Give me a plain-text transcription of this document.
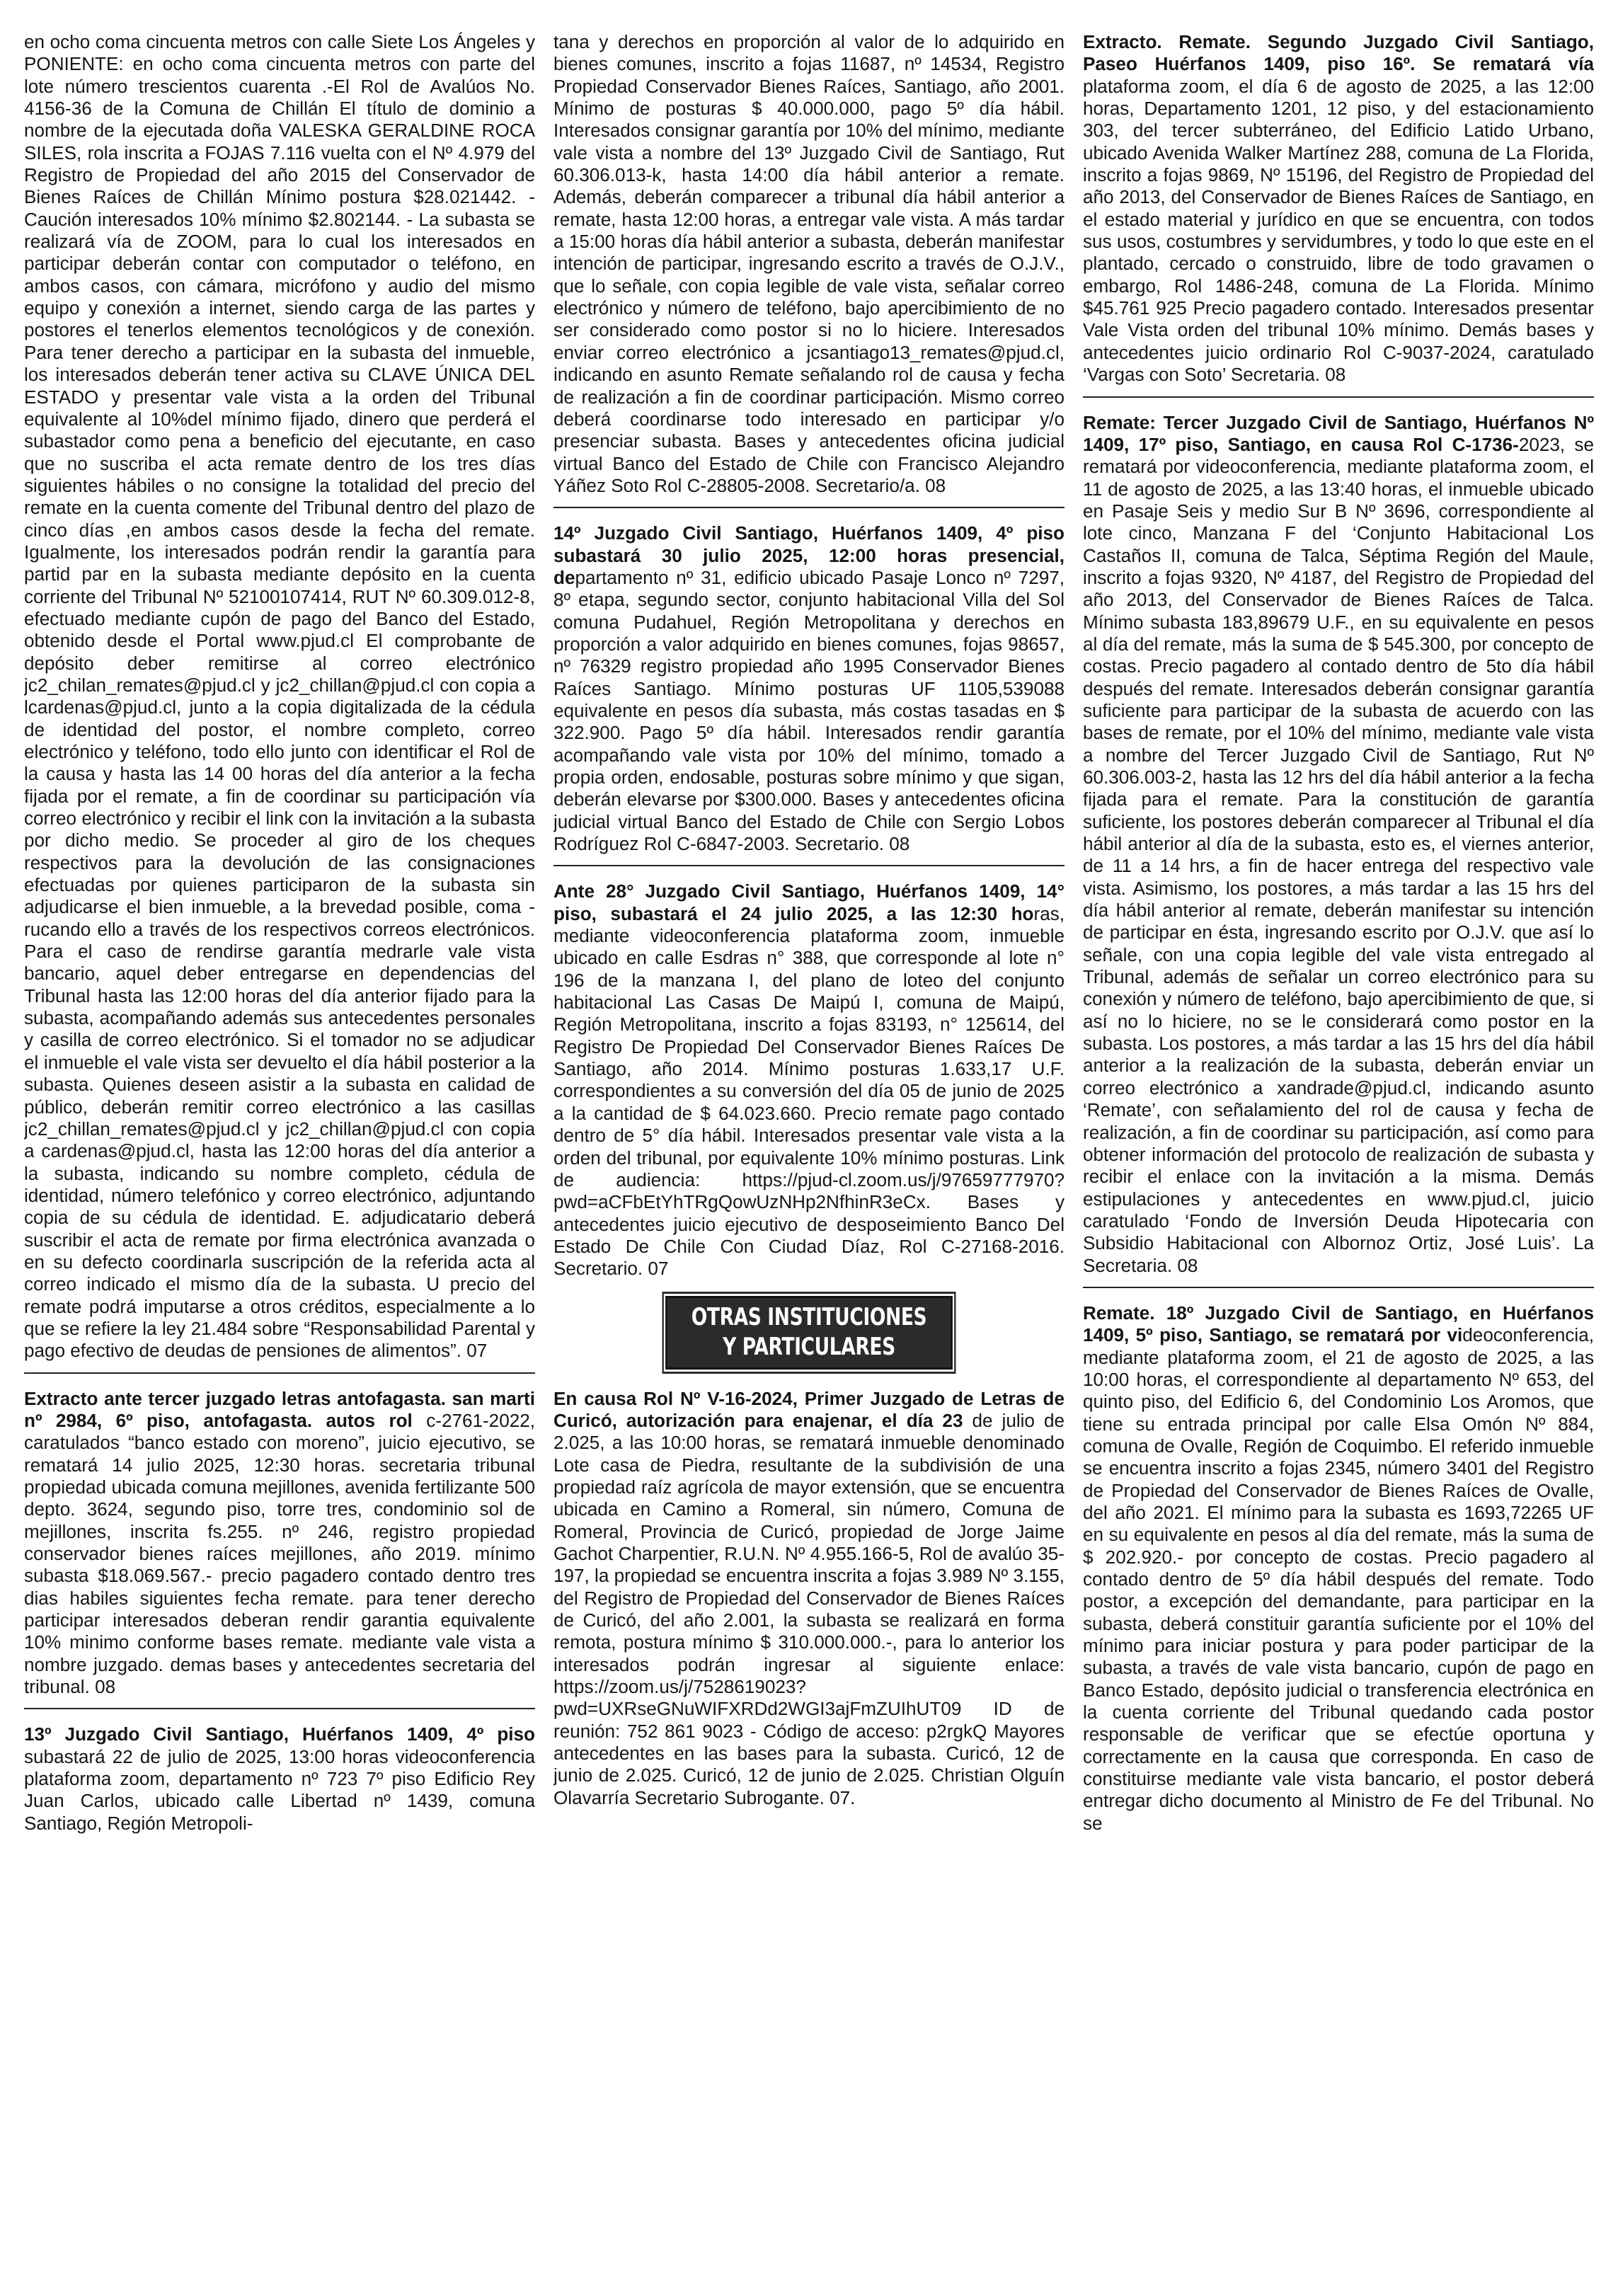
en ocho coma cincuenta metros con calle Siete Los Ángeles y PONIENTE: en ocho coma cincuenta metros con parte del lote número trescientos cuarenta .-El Rol de Avalúos No. 4156-36 de la Comuna de Chillán El título de dominio a nombre de la ejecutada doña VALESKA GERALDINE ROCA SILES, rola inscrita a FOJAS 7.116 vuelta con el Nº 4.979 del Registro de Propiedad del año 2015 del Conservador de Bienes Raíces de Chillán Mínimo postura $28.021442. - Caución interesados 10% mínimo $2.802144. - La subasta se realizará vía de ZOOM, para lo cual los interesados en participar deberán contar con computador o teléfono, en ambos casos, con cámara, micrófono y audio del mismo equipo y conexión a internet, siendo carga de las partes y postores el tenerlos elementos tecnológicos y de conexión. Para tener derecho a participar en la subasta del inmueble, los interesados deberán tener activa su CLAVE ÚNICA DEL ESTADO y presentar vale vista a la orden del Tribunal equivalente al 10%del mínimo fijado, dinero que perderá el subastador como pena a beneficio del ejecutante, en caso que no suscriba el acta remate dentro de los tres días siguientes hábiles o no consigne la totalidad del precio del remate en la cuenta comente del Tribunal dentro del plazo de cinco días ,en ambos casos desde la fecha del remate. Igualmente, los interesados podrán rendir la garantía para partid par en la subasta mediante depósito en la cuenta corriente del Tribunal Nº 52100107414, RUT Nº 60.309.012-8, efectuado mediante cupón de pago del Banco del Estado, obtenido desde el Portal www.pjud.cl El comprobante de depósito deber remitirse al correo electrónico jc2_chilan_remates@pjud.cl y jc2_chillan@pjud.cl con copia a lcardenas@pjud.cl, junto a la copia digitalizada de la cédula de identidad del postor, el nombre completo, correo electrónico y teléfono, todo ello junto con identificar el Rol de la causa y hasta las 14 00 horas del día anterior a la fecha fijada por el remate, a fin de coordinar su participación vía correo electrónico y recibir el link con la invitación a la subasta por dicho medio. Se proceder al giro de los cheques respectivos para la devolución de las consignaciones efectuadas por quienes participaron de la subasta sin adjudicarse el bien inmueble, a la brevedad posible, coma -rucando ello a través de los respectivos correos electrónicos. Para el caso de rendirse garantía medrarle vale vista bancario, aquel deber entregarse en dependencias del Tribunal hasta las 12:00 horas del día anterior fijado para la subasta, acompañando además sus antecedentes personales y casilla de correo electrónico. Si el tomador no se adjudicar el inmueble el vale vista ser devuelto el día hábil posterior a la subasta. Quienes deseen asistir a la subasta en calidad de público, deberán remitir correo electrónico a las casillas jc2_chillan_remates@pjud.cl y jc2_chillan@pjud.cl con copia a cardenas@pjud.cl, hasta las 12:00 horas del día anterior a la subasta, indicando su nombre completo, cédula de identidad, número telefónico y correo electrónico, adjuntando copia de su cédula de identidad. E. adjudicatario deberá suscribir el acta de remate por firma electrónica avanzada o en su defecto coordinarla suscripción de la referida acta al correo indicado el mismo día de la subasta. U precio del remate podrá imputarse a otros créditos, especialmente a lo que se refiere la ley 21.484 sobre “Responsabilidad Parental y pago efectivo de deudas de pensiones de alimentos”. 07

Extracto ante tercer juzgado letras antofagasta. san marti nº 2984, 6º piso, antofagasta. autos rol c-2761-2022, caratulados “banco estado con moreno”, juicio ejecutivo, se rematará 14 julio 2025, 12:30 horas. secretaria tribunal propiedad ubicada comuna mejillones, avenida fertilizante 500 depto. 3624, segundo piso, torre tres, condominio sol de mejillones, inscrita fs.255. nº 246, registro propiedad conservador bienes raíces mejillones, año 2019. mínimo subasta $18.069.567.- precio pagadero contado dentro tres dias habiles siguientes fecha remate. para tener derecho participar interesados deberan rendir garantia equivalente 10% minimo conforme bases remate. mediante vale vista a nombre juzgado. demas bases y antecedentes secretaria del tribunal. 08

13º Juzgado Civil Santiago, Huérfanos 1409, 4º piso subastará 22 de julio de 2025, 13:00 horas videoconferencia plataforma zoom, departamento nº 723 7º piso Edificio Rey Juan Carlos, ubicado calle Libertad nº 1439, comuna Santiago, Región Metropoli-

tana y derechos en proporción al valor de lo adquirido en bienes comunes, inscrito a fojas 11687, nº 14534, Registro Propiedad Conservador Bienes Raíces, Santiago, año 2001. Mínimo de posturas $ 40.000.000, pago 5º día hábil. Interesados consignar garantía por 10% del mínimo, mediante vale vista a nombre del 13º Juzgado Civil de Santiago, Rut 60.306.013-k, hasta 14:00 día hábil anterior a remate. Además, deberán comparecer a tribunal día hábil anterior a remate, hasta 12:00 horas, a entregar vale vista. A más tardar a 15:00 horas día hábil anterior a subasta, deberán manifestar intención de participar, ingresando escrito a través de O.J.V., que lo señale, con copia legible de vale vista, señalar correo electrónico y número de teléfono, bajo apercibimiento de no ser considerado como postor si no lo hiciere. Interesados enviar correo electrónico a jcsantiago13_remates@pjud.cl, indicando en asunto Remate señalando rol de causa y fecha de realización a fin de coordinar participación. Mismo correo deberá coordinarse todo interesado en participar y/o presenciar subasta. Bases y antecedentes oficina judicial virtual Banco del Estado de Chile con Francisco Alejandro Yáñez Soto Rol C-28805-2008. Secretario/a. 08

14º Juzgado Civil Santiago, Huérfanos 1409, 4º piso subastará 30 julio 2025, 12:00 horas presencial, departamento nº 31, edificio ubicado Pasaje Lonco nº 7297, 8º etapa, segundo sector, conjunto habitacional Villa del Sol comuna Pudahuel, Región Metropolitana y derechos en proporción a valor adquirido en bienes comunes, fojas 98657, nº 76329 registro propiedad año 1995 Conservador Bienes Raíces Santiago. Mínimo posturas UF 1105,539088 equivalente en pesos día subasta, más costas tasadas en $ 322.900. Pago 5º día hábil. Interesados rendir garantía acompañando vale vista por 10% del mínimo, tomado a propia orden, endosable, posturas sobre mínimo y que sigan, deberán elevarse por $300.000. Bases y antecedentes oficina judicial virtual Banco del Estado de Chile con Sergio Lobos Rodríguez Rol C-6847-2003. Secretario. 08

Ante 28° Juzgado Civil Santiago, Huérfanos 1409, 14° piso, subastará el 24 julio 2025, a las 12:30 horas, mediante videoconferencia plataforma zoom, inmueble ubicado en calle Esdras n° 388, que corresponde al lote n° 196 de la manzana I, del plano de loteo del conjunto habitacional Las Casas De Maipú I, comuna de Maipú, Región Metropolitana, inscrito a fojas 83193, n° 125614, del Registro De Propiedad Del Conservador Bienes Raíces De Santiago, año 2014. Mínimo posturas 1.633,17 U.F. correspondientes a su conversión del día 05 de junio de 2025 a la cantidad de $ 64.023.660. Precio remate pago contado dentro de 5° día hábil. Interesados presentar vale vista a la orden del tribunal, por equivalente 10% mínimo posturas. Link de audiencia: https://pjud-cl.zoom.us/j/97659777970?pwd=aCFbEtYhTRgQowUzNHp2NfhinR3eCx. Bases y antecedentes juicio ejecutivo de desposeimiento Banco Del Estado De Chile Con Ciudad Díaz, Rol C-27168-2016. Secretario. 07

OTRAS INSTITUCIONES
Y PARTICULARES

En causa Rol Nº V-16-2024, Primer Juzgado de Letras de Curicó, autorización para enajenar, el día 23 de julio de 2.025, a las 10:00 horas, se rematará inmueble denominado Lote casa de Piedra, resultante de la subdivisión de una propiedad raíz agrícola de mayor extensión, que se encuentra ubicada en Camino a Romeral, sin número, Comuna de Romeral, Provincia de Curicó, propiedad de Jorge Jaime Gachot Charpentier, R.U.N. Nº 4.955.166-5, Rol de avalúo 35-197, la propiedad se encuentra inscrita a fojas 3.989 Nº 3.155, del Registro de Propiedad del Conservador de Bienes Raíces de Curicó, del año 2.001, la subasta se realizará en forma remota, postura mínimo $ 310.000.000.-, para lo anterior los interesados podrán ingresar al siguiente enlace: https://zoom.us/j/7528619023?pwd=UXRseGNuWIFXRDd2WGI3ajFmZUIhUT09 ID de reunión: 752 861 9023 - Código de acceso: p2rgkQ Mayores antecedentes en las bases para la subasta. Curicó, 12 de junio de 2.025. Curicó, 12 de junio de 2.025. Christian Olguín Olavarría Secretario Subrogante. 07.

Extracto. Remate. Segundo Juzgado Civil Santiago, Paseo Huérfanos 1409, piso 16º. Se rematará vía plataforma zoom, el día 6 de agosto de 2025, a las 12:00 horas, Departamento 1201, 12 piso, y del estacionamiento 303, del tercer subterráneo, del Edificio Latido Urbano, ubicado Avenida Walker Martínez 288, comuna de La Florida, inscrito a fojas 9869, Nº 15196, del Registro de Propiedad del año 2013, del Conservador de Bienes Raíces de Santiago, en el estado material y jurídico en que se encuentra, con todos sus usos, costumbres y servidumbres, y todo lo que este en el plantado, cercado o construido, libre de todo gravamen o embargo, Rol 1486-248, comuna de La Florida. Mínimo $45.761 925 Precio pagadero contado. Interesados presentar Vale Vista orden del tribunal 10% mínimo. Demás bases y antecedentes juicio ordinario Rol C-9037-2024, caratulado ‘Vargas con Soto’ Secretaria. 08

Remate: Tercer Juzgado Civil de Santiago, Huérfanos Nº 1409, 17º piso, Santiago, en causa Rol C-1736-2023, se rematará por videoconferencia, mediante plataforma zoom, el 11 de agosto de 2025, a las 13:40 horas, el inmueble ubicado en Pasaje Seis y medio Sur B Nº 3696, correspondiente al lote cinco, Manzana F del ‘Conjunto Habitacional Los Castaños II, comuna de Talca, Séptima Región del Maule, inscrito a fojas 9320, Nº 4187, del Registro de Propiedad del año 2013, del Conservador de Bienes Raíces de Talca. Mínimo subasta 183,89679 U.F., en su equivalente en pesos al día del remate, más la suma de $ 545.300, por concepto de costas. Precio pagadero al contado dentro de 5to día hábil después del remate. Interesados deberán consignar garantía suficiente para participar de la subasta de acuerdo con las bases de remate, por el 10% del mínimo, mediante vale vista a nombre del Tercer Juzgado Civil de Santiago, Rut Nº 60.306.003-2, hasta las 12 hrs del día hábil anterior a la fecha fijada para el remate. Para la constitución de garantía suficiente, los postores deberán comparecer al Tribunal el día hábil anterior al día de la subasta, esto es, el viernes anterior, de 11 a 14 hrs, a fin de hacer entrega del respectivo vale vista. Asimismo, los postores, a más tardar a las 15 hrs del día hábil anterior al remate, deberán manifestar su intención de participar en ésta, ingresando escrito por O.J.V. que así lo señale, con una copia legible del vale vista entregado al Tribunal, además de señalar un correo electrónico para su conexión y número de teléfono, bajo apercibimiento de que, si así no lo hiciere, no se le considerará como postor en la subasta. Los postores, a más tardar a las 15 hrs del día hábil anterior a la realización de la subasta, deberán enviar un correo electrónico a xandrade@pjud.cl, indicando asunto ‘Remate’, con señalamiento del rol de causa y fecha de realización, a fin de coordinar su participación, así como para obtener información del protocolo de realización de subasta y recibir el enlace con la invitación a la misma. Demás estipulaciones y antecedentes en www.pjud.cl, juicio caratulado ‘Fondo de Inversión Deuda Hipotecaria con Subsidio Habitacional con Albornoz Ortiz, José Luis’. La Secretaria. 08

Remate. 18º Juzgado Civil de Santiago, en Huérfanos 1409, 5º piso, Santiago, se rematará por videoconferencia, mediante plataforma zoom, el 21 de agosto de 2025, a las 10:00 horas, el correspondiente al departamento Nº 653, del quinto piso, del Edificio 6, del Condominio Los Aromos, que tiene su entrada principal por calle Elsa Omón Nº 884, comuna de Ovalle, Región de Coquimbo. El referido inmueble se encuentra inscrito a fojas 2345, número 3401 del Registro de Propiedad del Conservador de Bienes Raíces de Ovalle, del año 2021. El mínimo para la subasta es 1693,72265 UF en su equivalente en pesos al día del remate, más la suma de $ 202.920.- por concepto de costas. Precio pagadero al contado dentro de 5º día hábil después del remate. Todo postor, a excepción del demandante, para participar en la subasta, deberá constituir garantía suficiente por el 10% del mínimo para iniciar postura y para poder participar de la subasta, a través de vale vista bancario, cupón de pago en Banco Estado, depósito judicial o transferencia electrónica en la cuenta corriente del Tribunal quedando cada postor responsable de verificar que se efectúe oportuna y correctamente en la causa que corresponda. En caso de constituirse mediante vale vista bancario, el postor deberá entregar dicho documento al Ministro de Fe del Tribunal. No se
